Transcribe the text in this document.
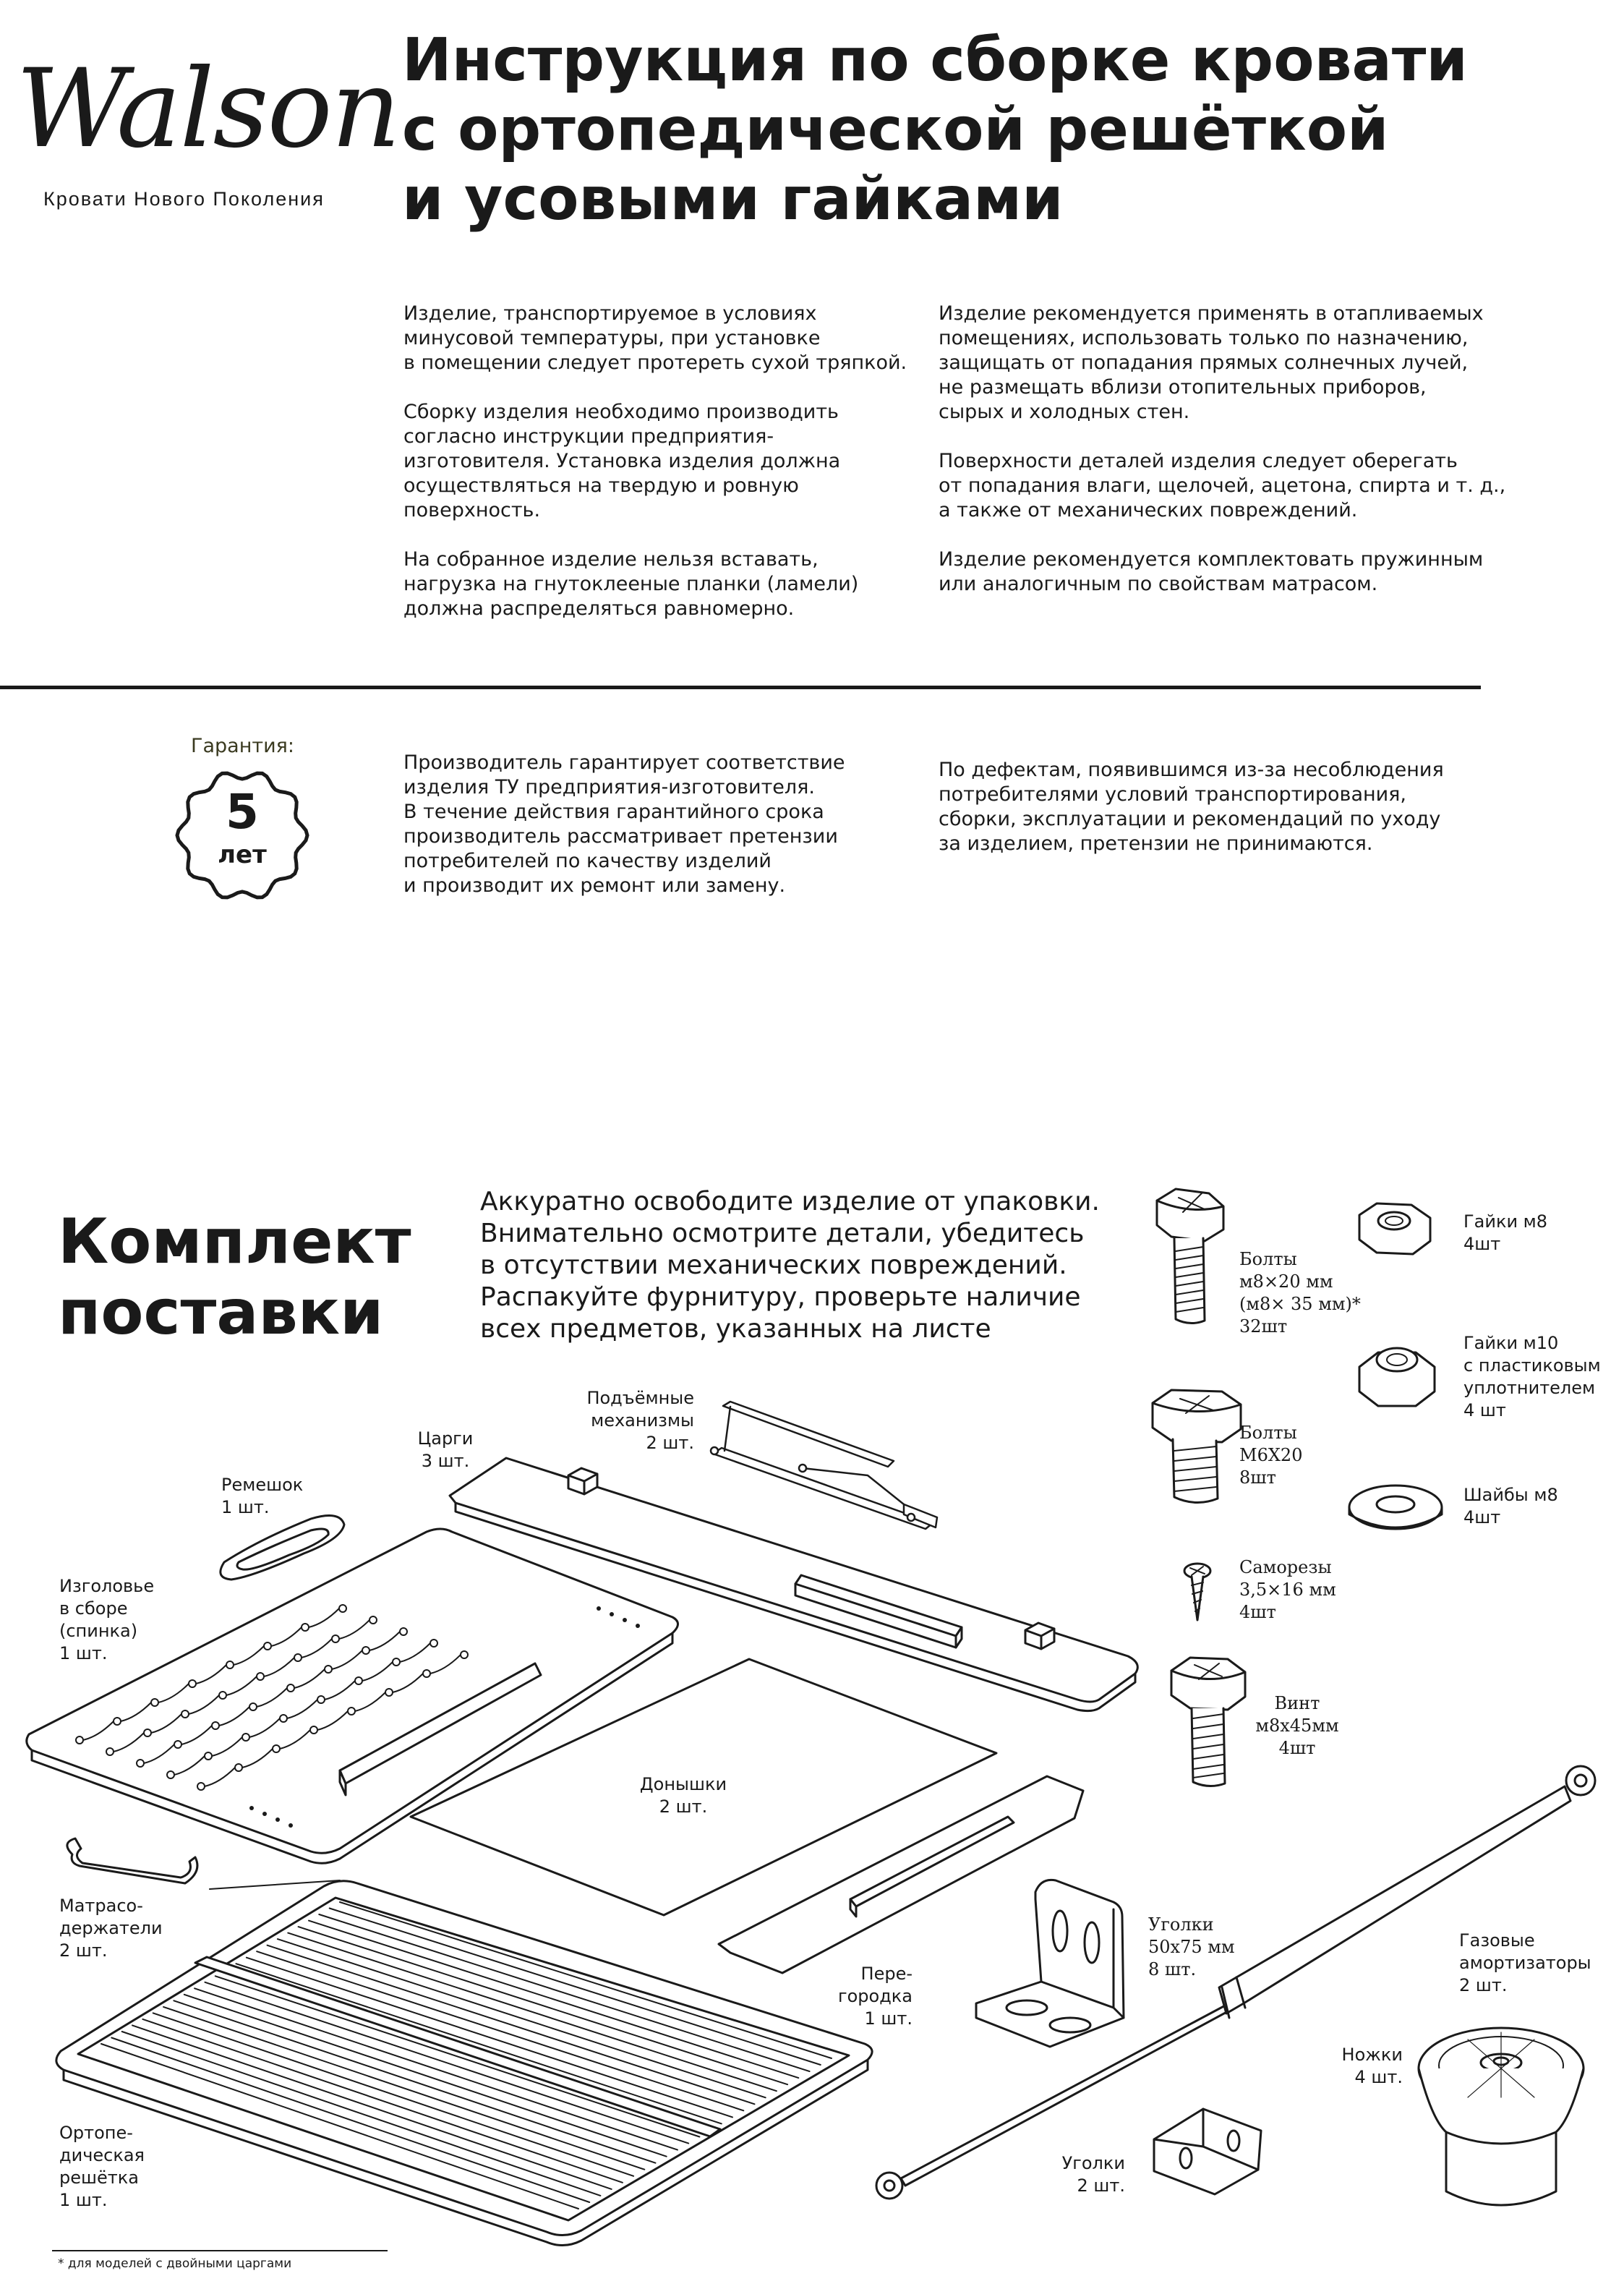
Walson
Кровати Нового Поколения
Инструкция по сборке кровати
с ортопедической решёткой
и усовыми гайками

Изделие, транспортируемое в условиях
минусовой температуры, при установке
в помещении следует протереть сухой тряпкой.

Сборку изделия необходимо производить
согласно инструкции предприятия-
изготовителя. Установка изделия должна
осуществляться на твердую и ровную
поверхность.

На собранное изделие нельзя вставать,
нагрузка на гнутоклееные планки (ламели)
должна распределяться равномерно.

Изделие рекомендуется применять в отапливаемых
помещениях, использовать только по назначению,
защищать от попадания прямых солнечных лучей,
не размещать вблизи отопительных приборов,
сырых и холодных стен.

Поверхности деталей изделия следует оберегать
от попадания влаги, щелочей, ацетона, спирта и т. д.,
а также от механических повреждений.

Изделие рекомендуется комплектовать пружинным
или аналогичным по свойствам матрасом.

Гарантия:
5
лет
Производитель гарантирует соответствие
изделия ТУ предприятия-изготовителя.
В течение действия гарантийного срока
производитель рассматривает претензии
потребителей по качеству изделий
и производит их ремонт или замену.
По дефектам, появившимся из-за несоблюдения
потребителями условий транспортирования,
сборки, эксплуатации и рекомендаций по уходу
за изделием, претензии не принимаются.
Комплект
поставки
Аккуратно освободите изделие от упаковки.
Внимательно осмотрите детали, убедитесь
в отсутствии механических повреждений.
Распакуйте фурнитуру, проверьте наличие
всех предметов, указанных на листе
Подъёмные
механизмы
2 шт.
Царги
3 шт.
Ремешок
1 шт.
Изголовье
в сборе
(спинка)
1 шт.
Донышки
2 шт.
Матрасо-
держатели
2 шт.
Пере-
городка
1 шт.
Ортопе-
дическая
решётка
1 шт.
Болты
м8×20 мм
(м8× 35 мм)*
32шт
Гайки м8
4шт
Гайки м10
с пластиковым
уплотнителем
4 шт
Болты
М6Х20
8шт
Шайбы м8
4шт
Саморезы
3,5×16 мм
4шт
Винт
м8х45мм
4шт
Уголки
50х75 мм
8 шт.
Газовые
амортизаторы
2 шт.
Ножки
4 шт.
Уголки
2 шт.
* для моделей с двойными царгами
